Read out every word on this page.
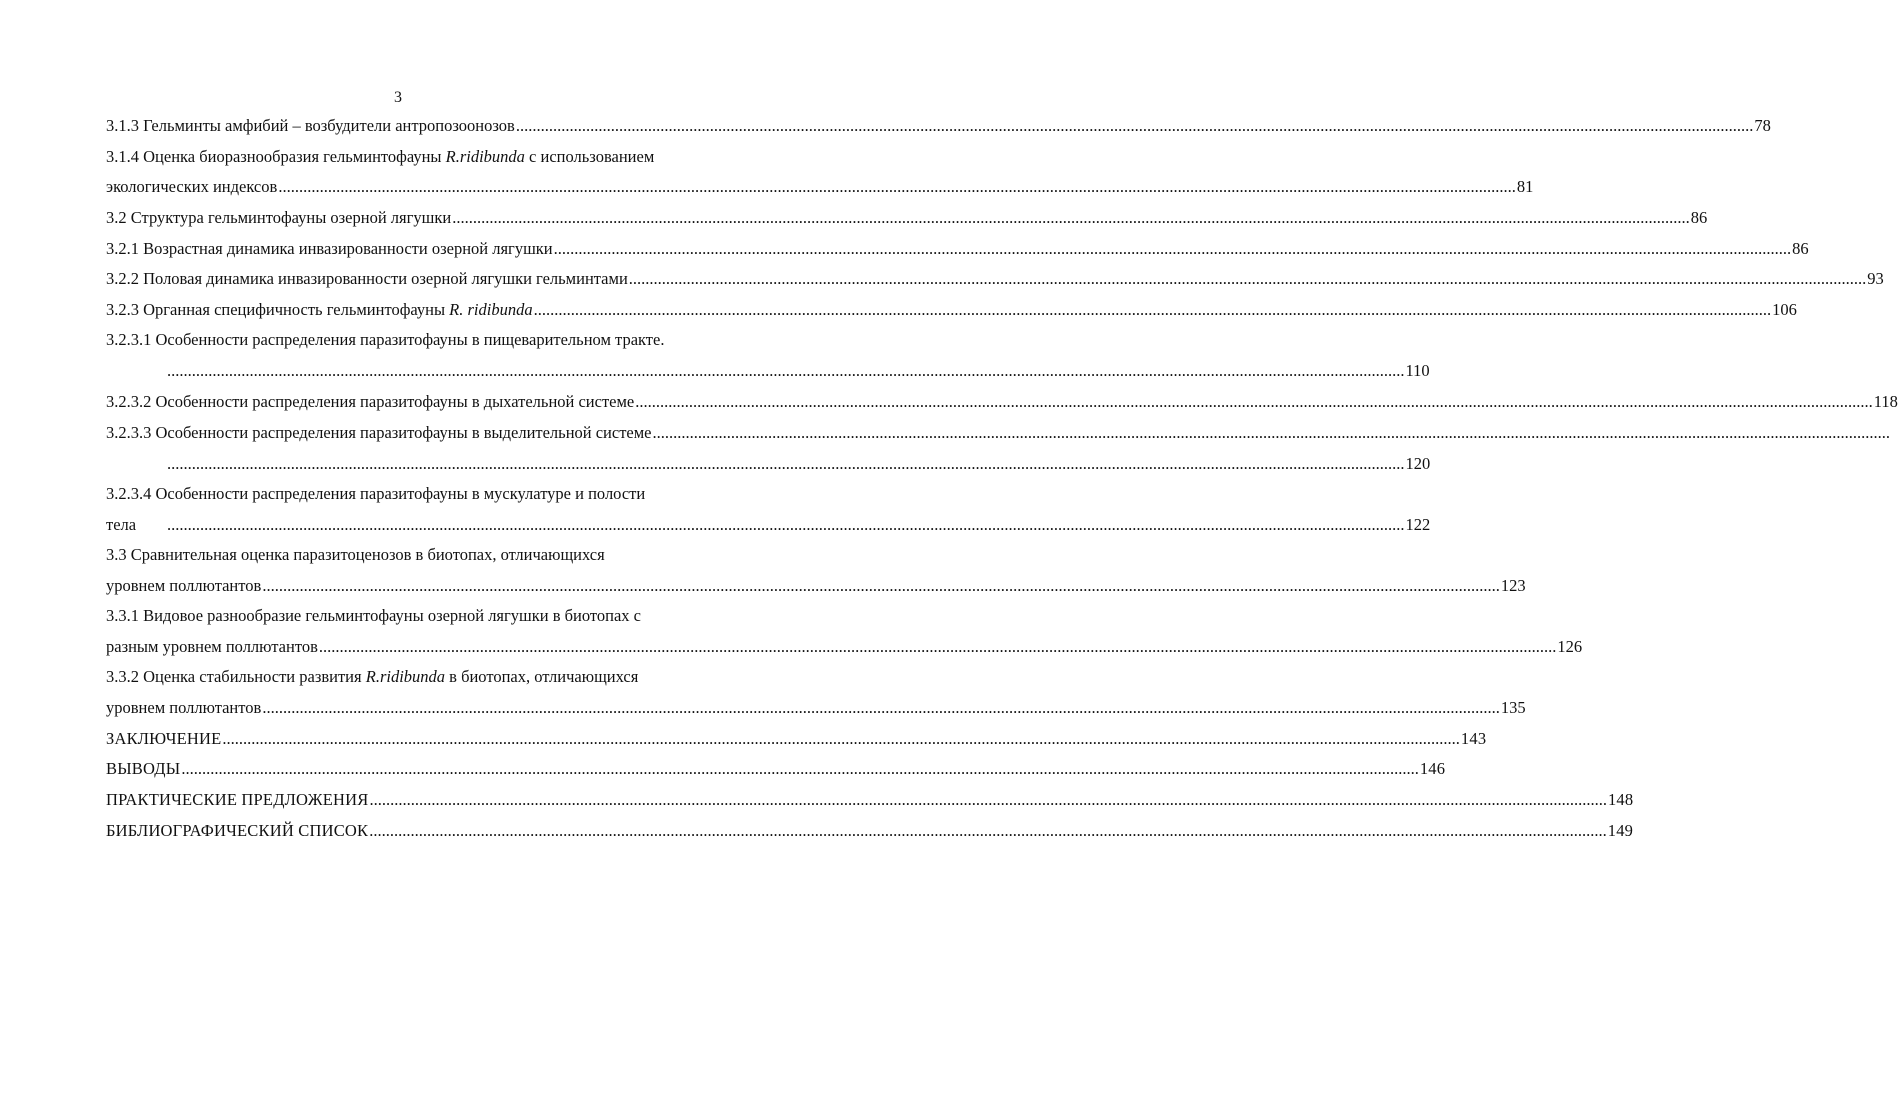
3
3.1.3 Гельминты амфибий – возбудители антропозоонозов ............................................................................................................................................................................................................................................................................................................ 78
3.1.4 Оценка биоразнообразия гельминтофауны R.ridibunda с использованием
экологических индексов ............................................................................................................................................................................................................................................................................................................ 81
3.2 Структура гельминтофауны озерной лягушки ............................................................................................................................................................................................................................................................................................................ 86
3.2.1 Возрастная динамика инвазированности озерной лягушки ............................................................................................................................................................................................................................................................................................................ 86
3.2.2 Половая динамика инвазированности озерной лягушки гельминтами ............................................................................................................................................................................................................................................................................................................ 93
3.2.3 Органная специфичность гельминтофауны R. ridibunda ............................................................................................................................................................................................................................................................................................................ 106
3.2.3.1 Особенности распределения паразитофауны в пищеварительном тракте.
............................................................................................................................................................................................................................................................................................................ 110
3.2.3.2 Особенности распределения паразитофауны в дыхательной системе ............................................................................................................................................................................................................................................................................................................ 118
3.2.3.3 Особенности распределения паразитофауны в выделительной системе ............................................................................................................................................................................................................................................................................................................
............................................................................................................................................................................................................................................................................................................ 120
3.2.3.4 Особенности распределения паразитофауны в мускулатуре и полости
тела	............................................................................................................................................................................................................................................................................................................ 122
3.3 Сравнительная оценка паразитоценозов в биотопах, отличающихся
уровнем поллютантов ............................................................................................................................................................................................................................................................................................................ 123
3.3.1 Видовое разнообразие гельминтофауны озерной лягушки в биотопах с
разным уровнем поллютантов ............................................................................................................................................................................................................................................................................................................ 126
3.3.2 Оценка стабильности развития R.ridibunda в биотопах, отличающихся
уровнем поллютантов ............................................................................................................................................................................................................................................................................................................ 135
ЗАКЛЮЧЕНИЕ ............................................................................................................................................................................................................................................................................................................ 143
ВЫВОДЫ ............................................................................................................................................................................................................................................................................................................ 146
ПРАКТИЧЕСКИЕ ПРЕДЛОЖЕНИЯ ............................................................................................................................................................................................................................................................................................................ 148
БИБЛИОГРАФИЧЕСКИЙ СПИСОК ............................................................................................................................................................................................................................................................................................................ 149
